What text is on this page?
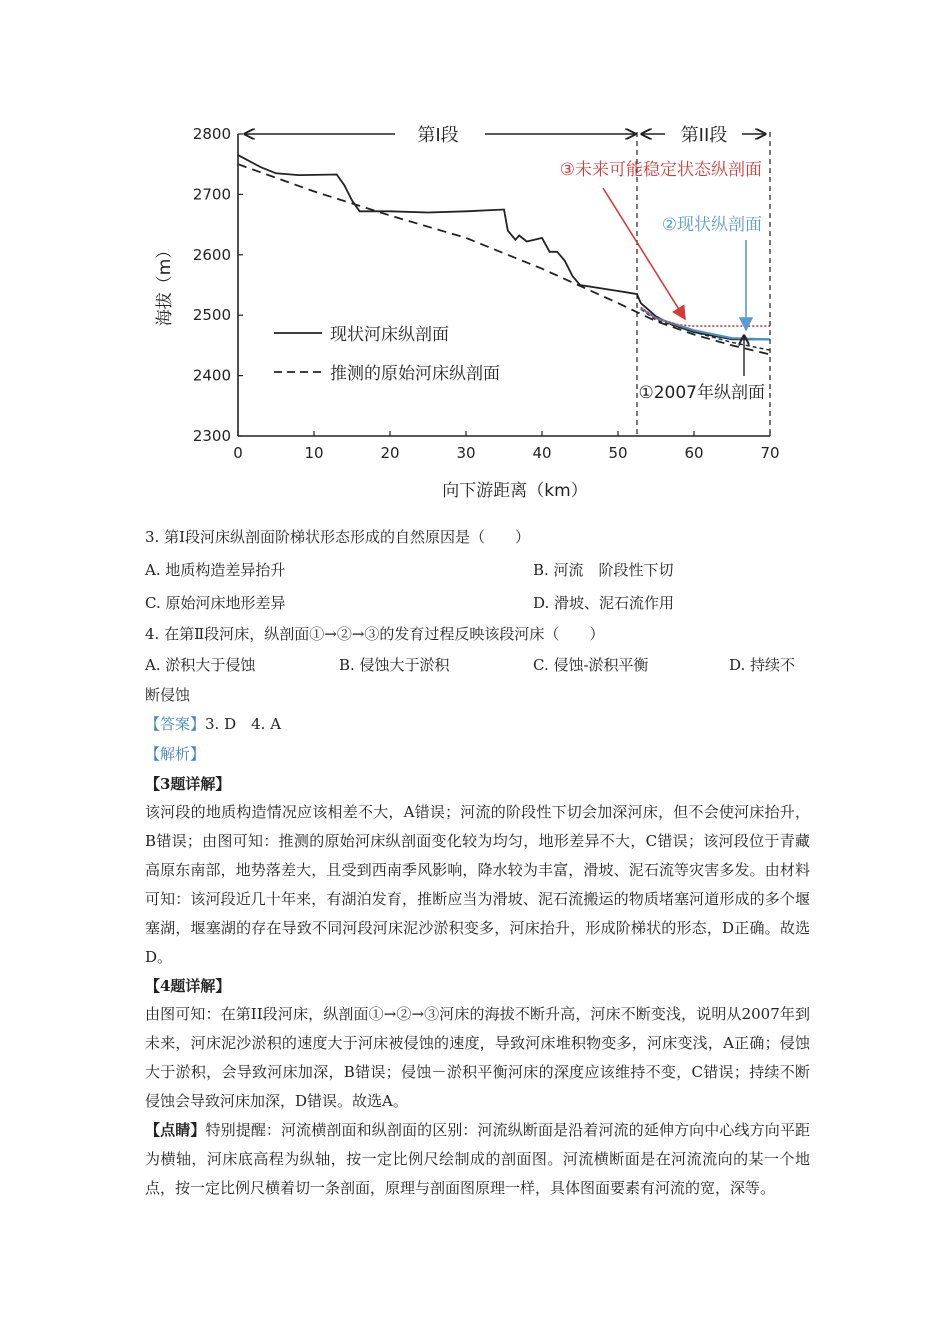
0	10	20	30	40	50	60	70
2300
2400
2500
2600
2700
2800	第I段	第II段
③未来可能稳定状态纵剖面
②现状纵剖面
①2007年纵剖面
现状河床纵剖面
推测的原始河床纵剖面
海拔（m）
向下游距离（km）
3. 第Ⅰ段河床纵剖面阶梯状形态形成的自然原因是（　　）
A. 地质构造差异抬升	B. 河流　阶段性下切
C. 原始河床地形差异	D. 滑坡、泥石流作用
4. 在第Ⅱ段河床，纵剖面①→②→③的发育过程反映该段河床（　　）
A. 淤积大于侵蚀	B. 侵蚀大于淤积	C. 侵蚀-淤积平衡	D. 持续不
断侵蚀
【答案】3. D　4. A
【解析】
【3题详解】

该河段的地质构造情况应该相差不大，A错误；河流的阶段性下切会加深河床，但不会使河床抬升，B错误；由图可知：推测的原始河床纵剖面变化较为均匀，地形差异不大，C错误；该河段位于青藏高原东南部，地势落差大，且受到西南季风影响，降水较为丰富，滑坡、泥石流等灾害多发。由材料可知：该河段近几十年来，有湖泊发育，推断应当为滑坡、泥石流搬运的物质堵塞河道形成的多个堰塞湖，堰塞湖的存在导致不同河段河床泥沙淤积变多，河床抬升，形成阶梯状的形态，D正确。故选D。

【4题详解】

由图可知：在第II段河床，纵剖面①→②→③河床的海拔不断升高，河床不断变浅，说明从2007年到未来，河床泥沙淤积的速度大于河床被侵蚀的速度，导致河床堆积物变多，河床变浅，A正确；侵蚀大于淤积，会导致河床加深，B错误；侵蚀－淤积平衡河床的深度应该维持不变，C错误；持续不断侵蚀会导致河床加深，D错误。故选A。

【点睛】特别提醒：河流横剖面和纵剖面的区别：河流纵断面是沿着河流的延伸方向中心线方向平距为横轴，河床底高程为纵轴，按一定比例尺绘制成的剖面图。河流横断面是在河流流向的某一个地点，按一定比例尺横着切一条剖面，原理与剖面图原理一样，具体图面要素有河流的宽，深等。
